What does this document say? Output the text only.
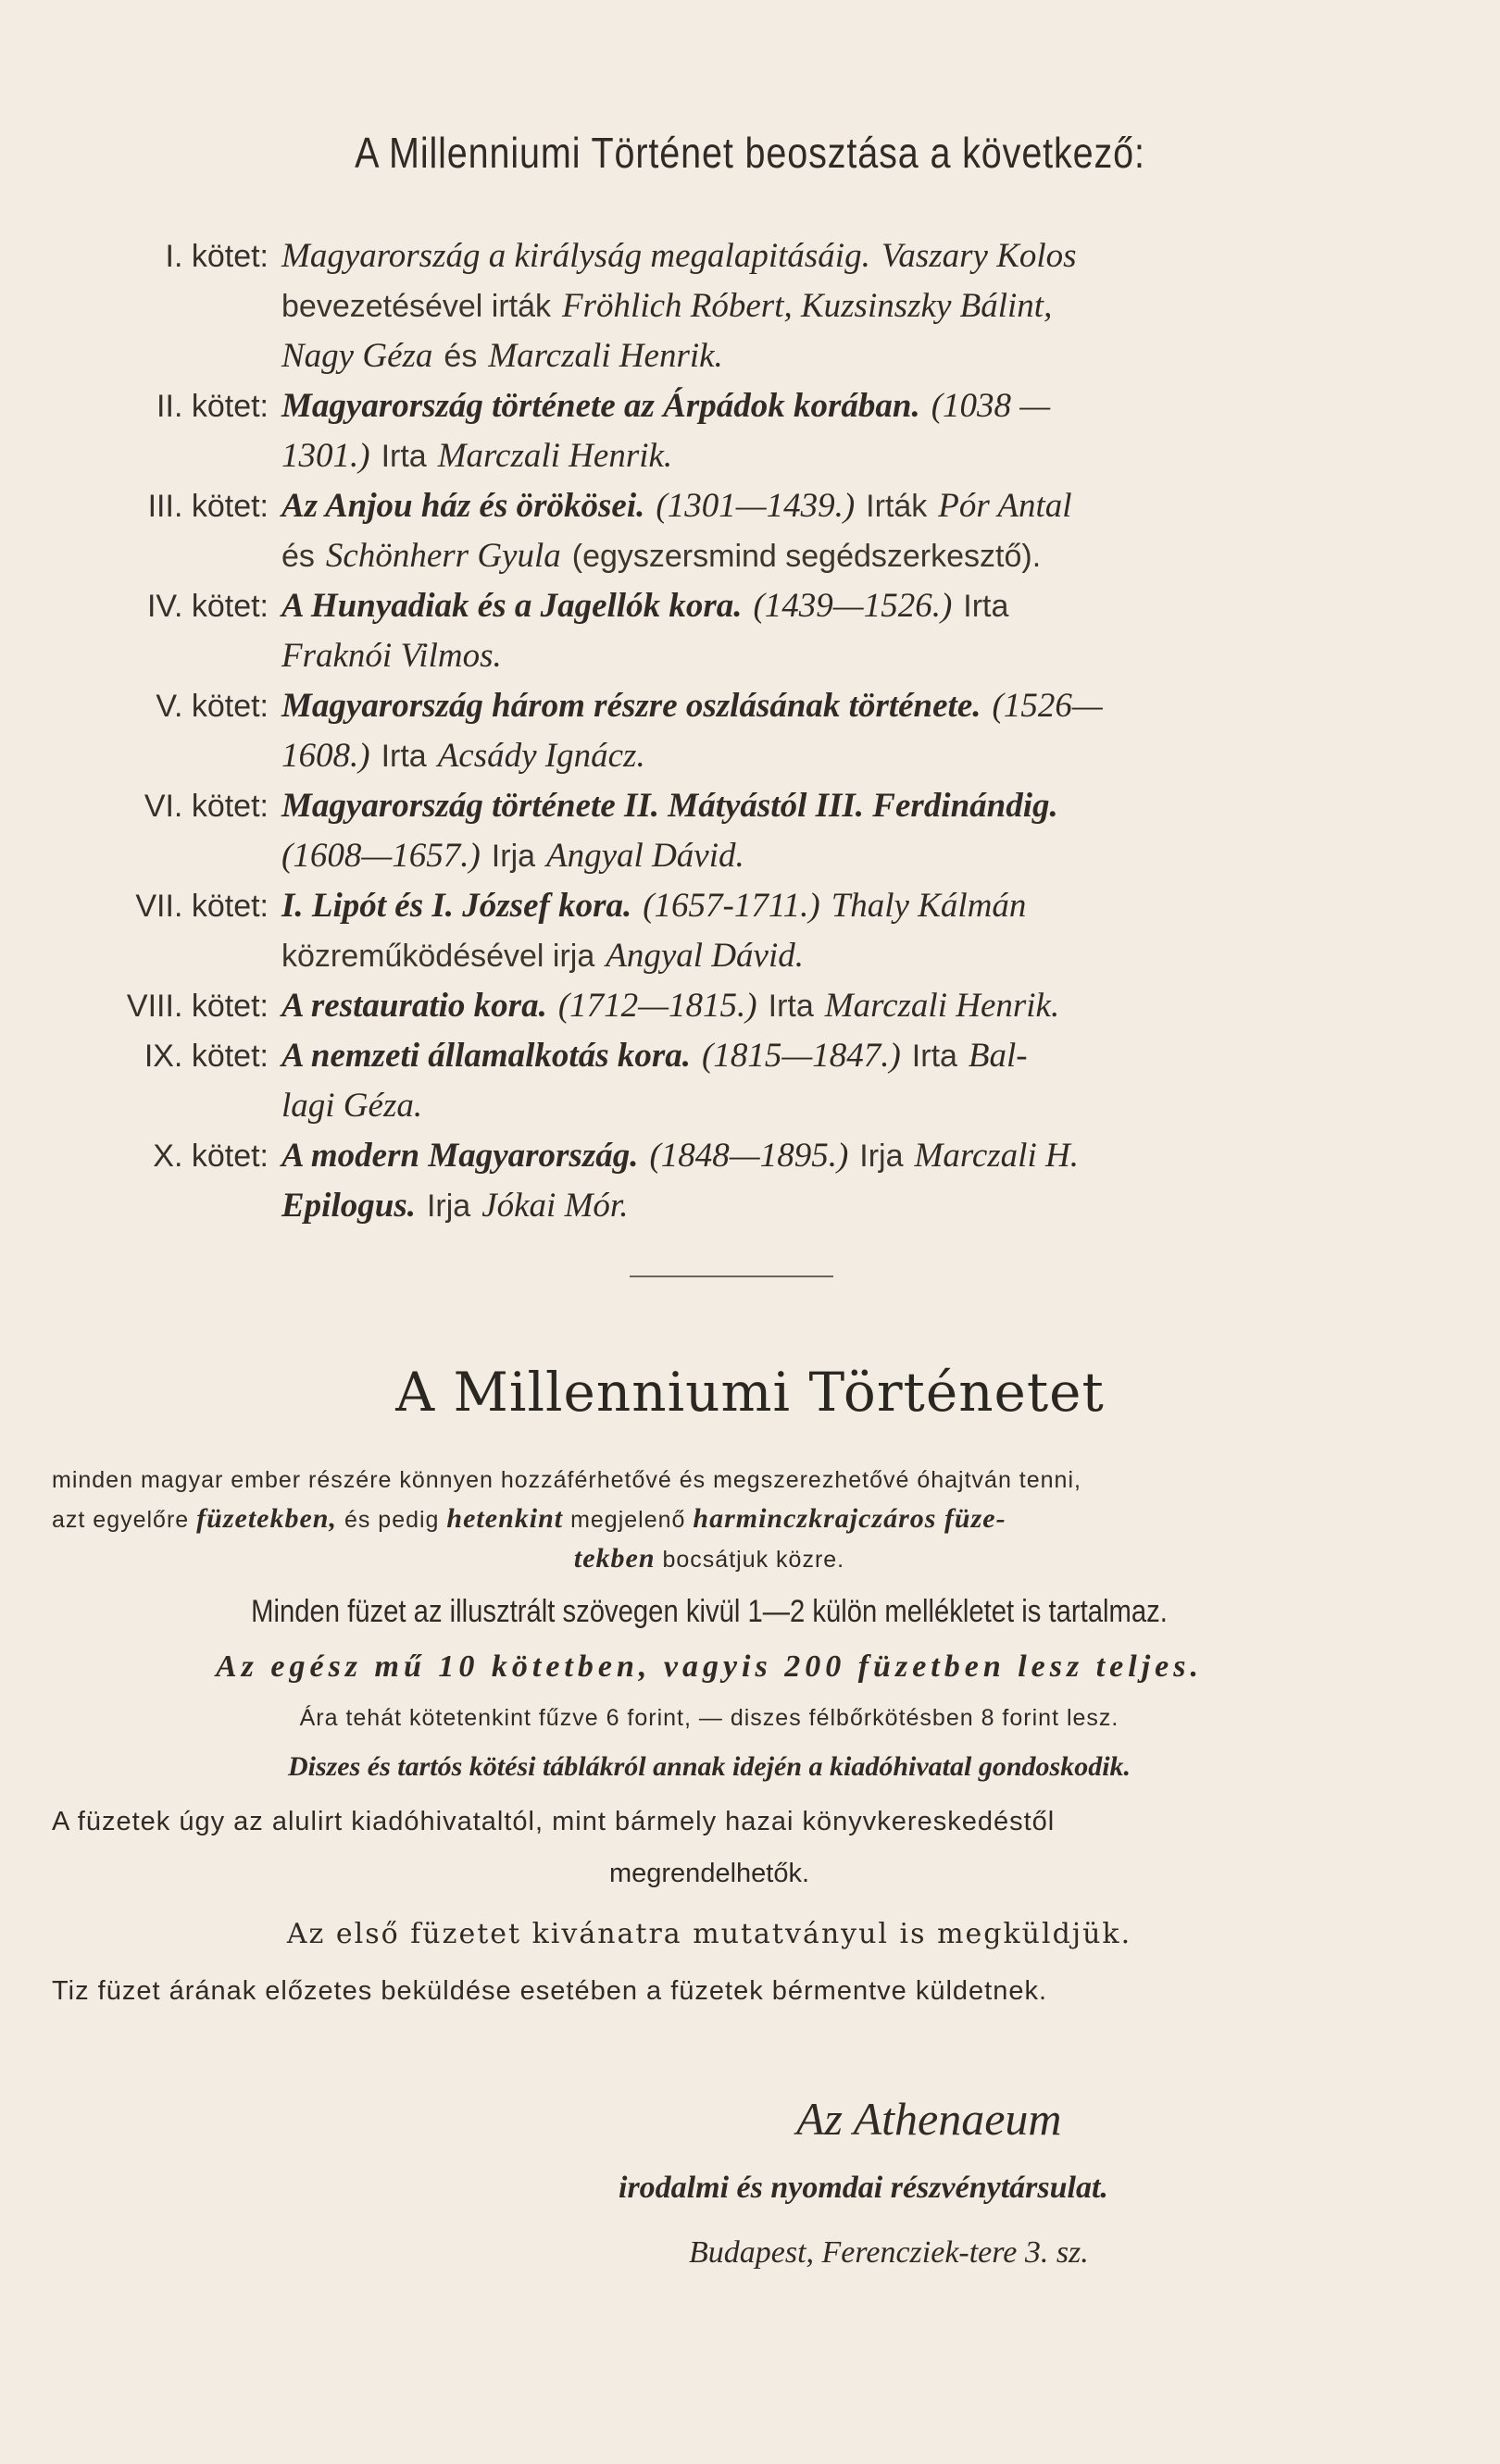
A Millenniumi Történet beosztása a következő:
I. kötet: Magyarország a királyság megalapitásáig. Vaszary Kolos
bevezetésével irták Fröhlich Róbert, Kuzsinszky Bálint,
Nagy Géza és Marczali Henrik.
II. kötet: Magyarország története az Árpádok korában. (1038 —
1301.) Irta Marczali Henrik.
III. kötet: Az Anjou ház és örökösei. (1301—1439.) Irták Pór Antal
és Schönherr Gyula (egyszersmind segédszerkesztő).
IV. kötet: A Hunyadiak és a Jagellók kora. (1439—1526.) Irta
Fraknói Vilmos.
V. kötet: Magyarország három részre oszlásának története. (1526—
1608.) Irta Acsády Ignácz.
VI. kötet: Magyarország története II. Mátyástól III. Ferdinándig.
(1608—1657.) Irja Angyal Dávid.
VII. kötet: I. Lipót és I. József kora. (1657-1711.) Thaly Kálmán
közreműködésével irja Angyal Dávid.
VIII. kötet: A restauratio kora. (1712—1815.) Irta Marczali Henrik.
IX. kötet: A nemzeti államalkotás kora. (1815—1847.) Irta Bal-
lagi Géza.
X. kötet: A modern Magyarország. (1848—1895.) Irja Marczali H.
Epilogus. Irja Jókai Mór.
A Millenniumi Történetet
minden magyar ember részére könnyen hozzáférhetővé és megszerezhetővé óhajtván tenni,
azt egyelőre füzetekben, és pedig hetenkint megjelenő harminczkrajczáros füze-
tekben bocsátjuk közre.
Minden füzet az illusztrált szövegen kivül 1—2 külön mellékletet is tartalmaz.
Az egész mű 10 kötetben, vagyis 200 füzetben lesz teljes.
Ára tehát kötetenkint fűzve 6 forint, — diszes félbőrkötésben 8 forint lesz.
Diszes és tartós kötési táblákról annak idején a kiadóhivatal gondoskodik.
A füzetek úgy az alulirt kiadóhivataltól, mint bármely hazai könyvkereskedéstől
megrendelhetők.
Az első füzetet kivánatra mutatványul is megküldjük.
Tiz füzet árának előzetes beküldése esetében a füzetek bérmentve küldetnek.
Az Athenaeum
irodalmi és nyomdai részvénytársulat.
Budapest, Ferencziek-tere 3. sz.
